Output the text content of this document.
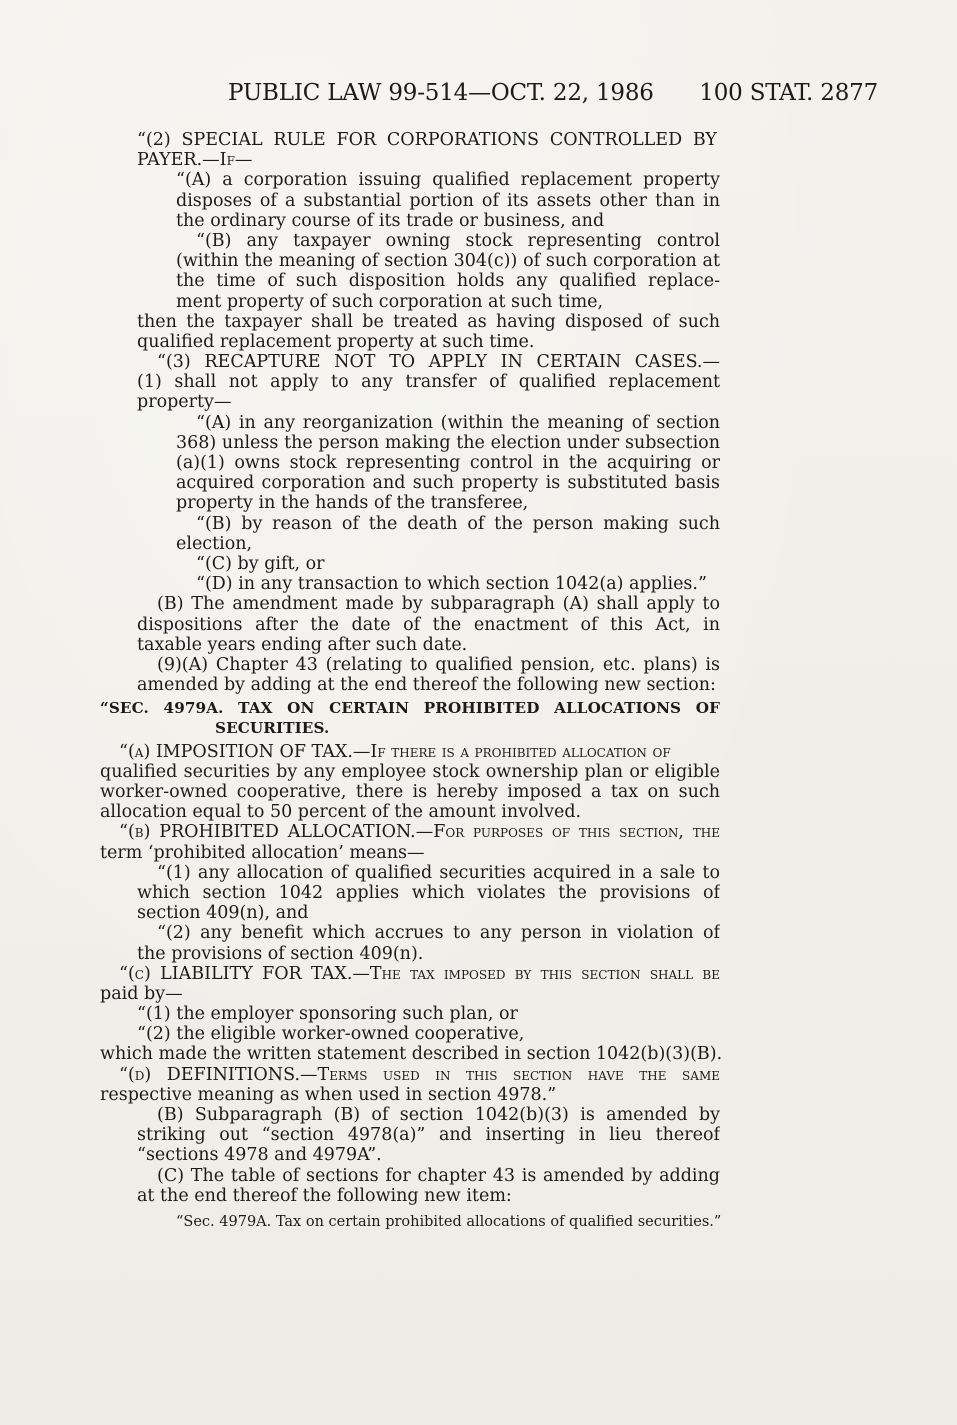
PUBLIC LAW 99-514—OCT. 22, 1986 100 STAT. 2877
“(2) SPECIAL RULE FOR CORPORATIONS CONTROLLED BY
PAYER.—If—
“(A) a corporation issuing qualified replacement property
disposes of a substantial portion of its assets other than in
the ordinary course of its trade or business, and
“(B) any taxpayer owning stock representing control
(within the meaning of section 304(c)) of such corporation at
the time of such disposition holds any qualified replace-
ment property of such corporation at such time,
then the taxpayer shall be treated as having disposed of such
qualified replacement property at such time.
“(3) RECAPTURE NOT TO APPLY IN CERTAIN CASES.—
(1) shall not apply to any transfer of qualified replacement
property—
“(A) in any reorganization (within the meaning of section
368) unless the person making the election under subsection
(a)(1) owns stock representing control in the acquiring or
acquired corporation and such property is substituted basis
property in the hands of the transferee,
“(B) by reason of the death of the person making such
election,
“(C) by gift, or
“(D) in any transaction to which section 1042(a) applies.”
(B) The amendment made by subparagraph (A) shall apply to
dispositions after the date of the enactment of this Act, in
taxable years ending after such date.
(9)(A) Chapter 43 (relating to qualified pension, etc. plans) is
amended by adding at the end thereof the following new section:
“SEC. 4979A. TAX ON CERTAIN PROHIBITED ALLOCATIONS OF
SECURITIES.
“(a) IMPOSITION OF TAX.—If there is a prohibited allocation of
qualified securities by any employee stock ownership plan or eligible
worker-owned cooperative, there is hereby imposed a tax on such
allocation equal to 50 percent of the amount involved.
“(b) PROHIBITED ALLOCATION.—For purposes of this section, the
term ‘prohibited allocation’ means—
“(1) any allocation of qualified securities acquired in a sale to
which section 1042 applies which violates the provisions of
section 409(n), and
“(2) any benefit which accrues to any person in violation of
the provisions of section 409(n).
“(c) LIABILITY FOR TAX.—The tax imposed by this section shall be
paid by—
“(1) the employer sponsoring such plan, or
“(2) the eligible worker-owned cooperative,
which made the written statement described in section 1042(b)(3)(B).
“(d) DEFINITIONS.—Terms used in this section have the same
respective meaning as when used in section 4978.”
(B) Subparagraph (B) of section 1042(b)(3) is amended by
striking out “section 4978(a)” and inserting in lieu thereof
“sections 4978 and 4979A”.
(C) The table of sections for chapter 43 is amended by adding
at the end thereof the following new item:
“Sec. 4979A. Tax on certain prohibited allocations of qualified securities.”
